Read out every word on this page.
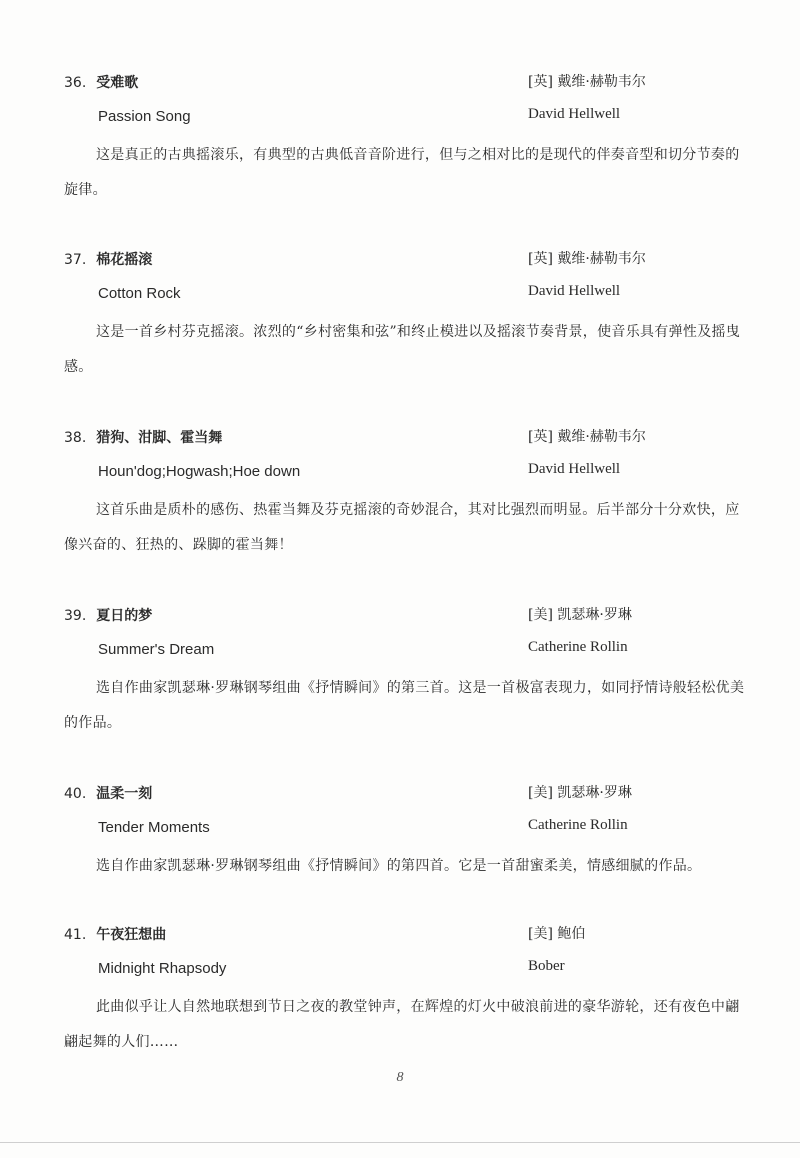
36. 受难歌	[英] 戴维·赫勒韦尔
Passion Song	David Hellwell

这是真正的古典摇滚乐，有典型的古典低音音阶进行，但与之相对比的是现代的伴奏音型和切分节奏的旋律。

37. 棉花摇滚	[英] 戴维·赫勒韦尔
Cotton Rock	David Hellwell

这是一首乡村芬克摇滚。浓烈的“乡村密集和弦”和终止模进以及摇滚节奏背景，使音乐具有弹性及摇曳感。

38. 猎狗、泔脚、霍当舞	[英] 戴维·赫勒韦尔
Houn'dog;Hogwash;Hoe down	David Hellwell

这首乐曲是质朴的感伤、热霍当舞及芬克摇滚的奇妙混合，其对比强烈而明显。后半部分十分欢快，应像兴奋的、狂热的、跺脚的霍当舞！

39. 夏日的梦	[美] 凯瑟琳·罗琳
Summer's Dream	Catherine Rollin

选自作曲家凯瑟琳·罗琳钢琴组曲《抒情瞬间》的第三首。这是一首极富表现力，如同抒情诗般轻松优美的作品。

40. 温柔一刻	[美] 凯瑟琳·罗琳
Tender Moments	Catherine Rollin

选自作曲家凯瑟琳·罗琳钢琴组曲《抒情瞬间》的第四首。它是一首甜蜜柔美，情感细腻的作品。

41. 午夜狂想曲	[美] 鲍伯
Midnight Rhapsody	Bober

此曲似乎让人自然地联想到节日之夜的教堂钟声，在辉煌的灯火中破浪前进的豪华游轮，还有夜色中翩翩起舞的人们……

8
